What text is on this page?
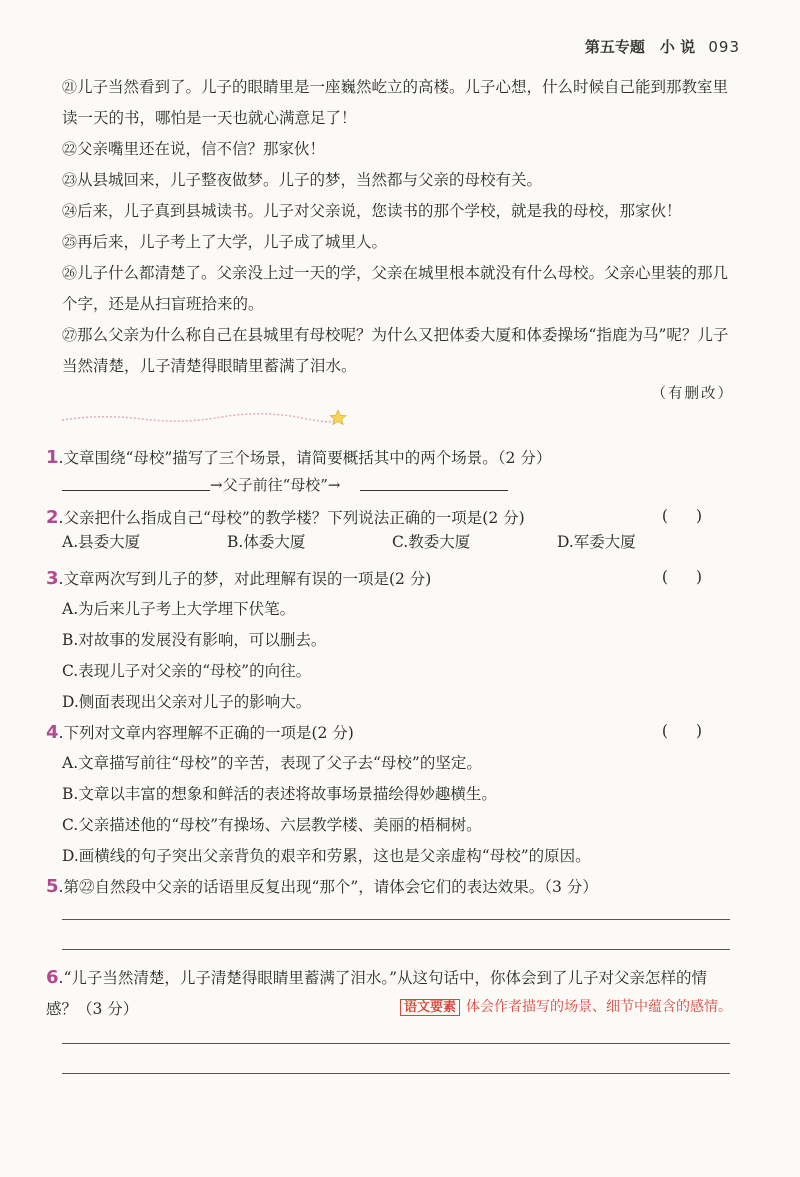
第五专题　小 说 093
㉑儿子当然看到了。儿子的眼睛里是一座巍然屹立的高楼。儿子心想，什么时候自己能到那教室里读一天的书，哪怕是一天也就心满意足了！
㉒父亲嘴里还在说，信不信？那家伙！
㉓从县城回来，儿子整夜做梦。儿子的梦，当然都与父亲的母校有关。
㉔后来，儿子真到县城读书。儿子对父亲说，您读书的那个学校，就是我的母校，那家伙！
㉕再后来，儿子考上了大学，儿子成了城里人。
㉖儿子什么都清楚了。父亲没上过一天的学，父亲在城里根本就没有什么母校。父亲心里装的那几个字，还是从扫盲班拾来的。
㉗那么父亲为什么称自己在县城里有母校呢？为什么又把体委大厦和体委操场“指鹿为马”呢？儿子当然清楚，儿子清楚得眼睛里蓄满了泪水。
（有删改）
1.文章围绕“母校”描写了三个场景，请简要概括其中的两个场景。（2 分）
→父子前往“母校”→
2.父亲把什么指成自己“母校”的教学楼？下列说法正确的一项是(2 分)	()
A.县委大厦	B.体委大厦	C.教委大厦	D.军委大厦
3.文章两次写到儿子的梦，对此理解有误的一项是(2 分)	()
A.为后来儿子考上大学埋下伏笔。
B.对故事的发展没有影响，可以删去。
C.表现儿子对父亲的“母校”的向往。
D.侧面表现出父亲对儿子的影响大。
4.下列对文章内容理解不正确的一项是(2 分)	()
A.文章描写前往“母校”的辛苦，表现了父子去“母校”的坚定。
B.文章以丰富的想象和鲜活的表述将故事场景描绘得妙趣横生。
C.父亲描述他的“母校”有操场、六层教学楼、美丽的梧桐树。
D.画横线的句子突出父亲背负的艰辛和劳累，这也是父亲虚构“母校”的原因。
5.第㉒自然段中父亲的话语里反复出现“那个”，请体会它们的表达效果。（3 分）
6.“儿子当然清楚，儿子清楚得眼睛里蓄满了泪水。”从这句话中，你体会到了儿子对父亲怎样的情感？（3 分）	语文要素 体会作者描写的场景、细节中蕴含的感情。
